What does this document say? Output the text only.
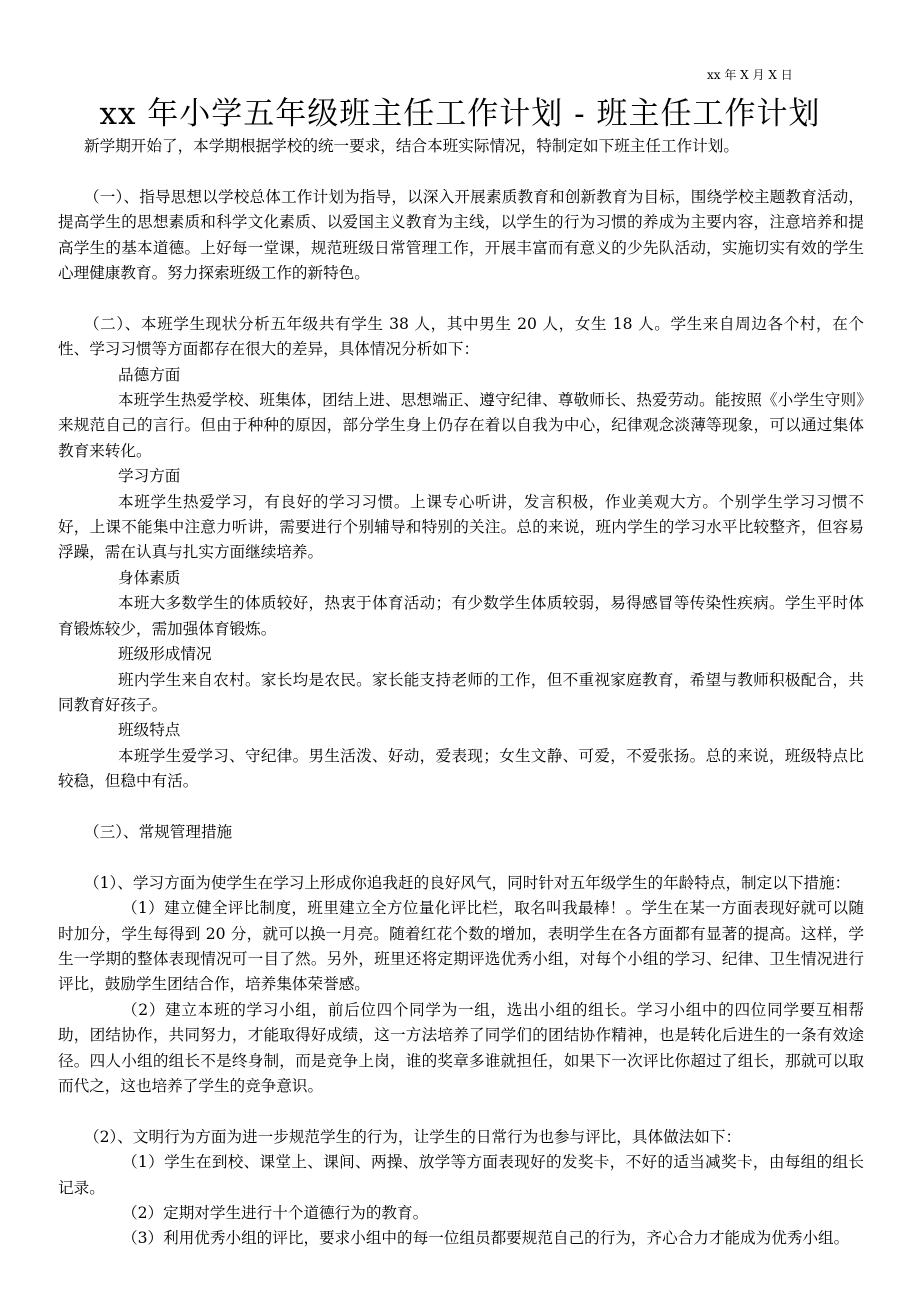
xx 年 X 月 X 日
xx 年小学五年级班主任工作计划 - 班主任工作计划

新学期开始了，本学期根据学校的统一要求，结合本班实际情况，特制定如下班主任工作计划。

（一）、指导思想以学校总体工作计划为指导，以深入开展素质教育和创新教育为目标，围绕学校主题教育活动，提高学生的思想素质和科学文化素质、以爱国主义教育为主线，以学生的行为习惯的养成为主要内容，注意培养和提高学生的基本道德。上好每一堂课，规范班级日常管理工作，开展丰富而有意义的少先队活动，实施切实有效的学生心理健康教育。努力探索班级工作的新特色。

（二）、本班学生现状分析五年级共有学生 38 人，其中男生 20 人，女生 18 人。学生来自周边各个村，在个性、学习习惯等方面都存在很大的差异，具体情况分析如下：

品德方面

本班学生热爱学校、班集体，团结上进、思想端正、遵守纪律、尊敬师长、热爱劳动。能按照《小学生守则》来规范自己的言行。但由于种种的原因，部分学生身上仍存在着以自我为中心，纪律观念淡薄等现象，可以通过集体教育来转化。

学习方面

本班学生热爱学习，有良好的学习习惯。上课专心听讲，发言积极，作业美观大方。个别学生学习习惯不好，上课不能集中注意力听讲，需要进行个别辅导和特别的关注。总的来说，班内学生的学习水平比较整齐，但容易浮躁，需在认真与扎实方面继续培养。

身体素质

本班大多数学生的体质较好，热衷于体育活动；有少数学生体质较弱，易得感冒等传染性疾病。学生平时体育锻炼较少，需加强体育锻炼。

班级形成情况

班内学生来自农村。家长均是农民。家长能支持老师的工作，但不重视家庭教育，希望与教师积极配合，共同教育好孩子。

班级特点

本班学生爱学习、守纪律。男生活泼、好动，爱表现；女生文静、可爱，不爱张扬。总的来说，班级特点比较稳，但稳中有活。

（三）、常规管理措施

（1）、学习方面为使学生在学习上形成你追我赶的良好风气，同时针对五年级学生的年龄特点，制定以下措施：

（1）建立健全评比制度，班里建立全方位量化评比栏，取名叫我最棒！。学生在某一方面表现好就可以随时加分，学生每得到 20 分，就可以换一月亮。随着红花个数的增加，表明学生在各方面都有显著的提高。这样，学生一学期的整体表现情况可一目了然。另外，班里还将定期评选优秀小组，对每个小组的学习、纪律、卫生情况进行评比，鼓励学生团结合作，培养集体荣誉感。

（2）建立本班的学习小组，前后位四个同学为一组，选出小组的组长。学习小组中的四位同学要互相帮助，团结协作，共同努力，才能取得好成绩，这一方法培养了同学们的团结协作精神，也是转化后进生的一条有效途径。四人小组的组长不是终身制，而是竞争上岗，谁的奖章多谁就担任，如果下一次评比你超过了组长，那就可以取而代之，这也培养了学生的竞争意识。

（2）、文明行为方面为进一步规范学生的行为，让学生的日常行为也参与评比，具体做法如下：

（1）学生在到校、课堂上、课间、两操、放学等方面表现好的发奖卡，不好的适当减奖卡，由每组的组长记录。

（2）定期对学生进行十个道德行为的教育。

（3）利用优秀小组的评比，要求小组中的每一位组员都要规范自己的行为，齐心合力才能成为优秀小组。
